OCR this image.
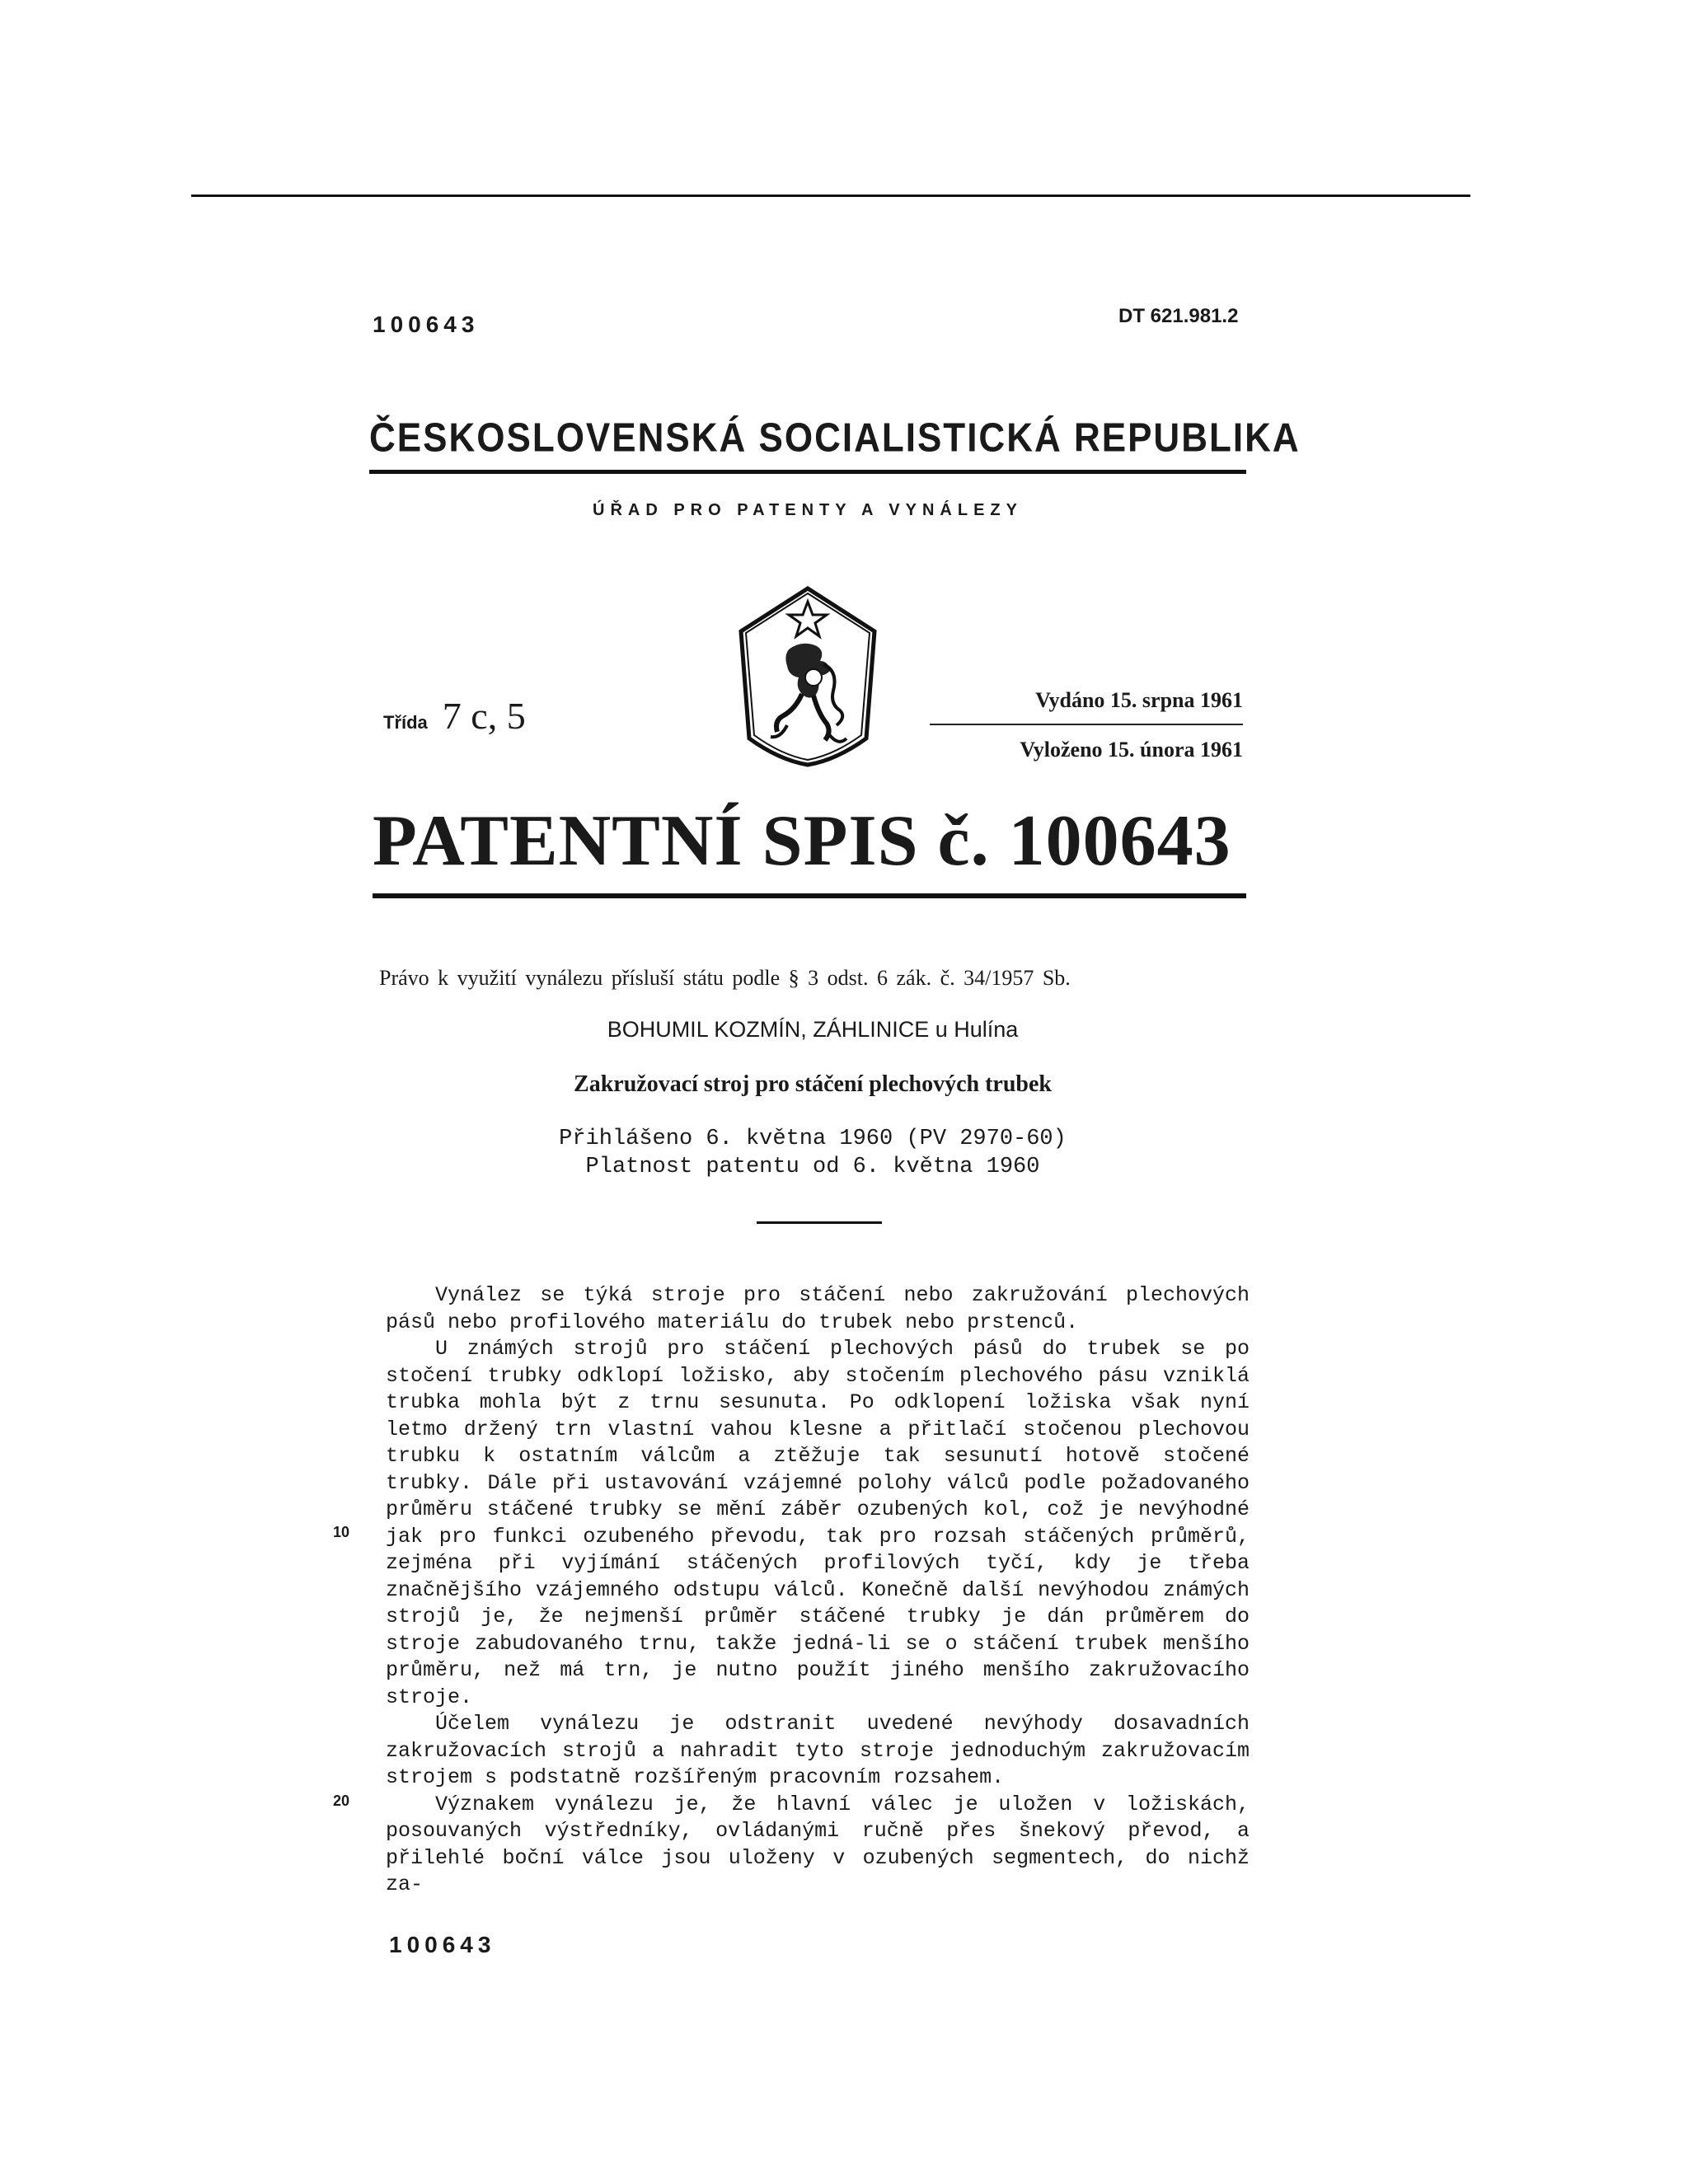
100643	DT 621.981.2
ČESKOSLOVENSKÁ SOCIALISTICKÁ REPUBLIKA
ÚŘAD PRO PATENTY A VYNÁLEZY
Třída 7 c, 5	Vydáno 15. srpna 1961
Vyloženo 15. února 1961
PATENTNÍ SPIS č. 100643
Právo k využití vynálezu přísluší státu podle § 3 odst. 6 zák. č. 34/1957 Sb.
BOHUMIL KOZMÍN, ZÁHLINICE u Hulína
Zakružovací stroj pro stáčení plechových trubek
Přihlášeno 6. května 1960 (PV 2970-60)
Platnost patentu od 6. května 1960
10
20

Vynález se týká stroje pro stáčení nebo zakružování plechových pásů nebo profilového materiálu do trubek nebo prstenců.

U známých strojů pro stáčení plechových pásů do trubek se po stočení trubky odklopí ložisko, aby stočením plechového pásu vzniklá trubka mohla být z trnu sesunuta. Po odklopení ložiska však nyní letmo držený trn vlastní vahou klesne a přitlačí stočenou plechovou trubku k ostatním válcům a ztěžuje tak sesunutí hotově stočené trubky. Dále při ustavování vzájemné polohy válců podle požadovaného průměru stáčené trubky se mění záběr ozubených kol, což je nevýhodné jak pro funkci ozubeného převodu, tak pro rozsah stáčených průměrů, zejména při vyjímání stáčených profilových tyčí, kdy je třeba značnějšího vzájemného odstupu válců. Konečně další nevýhodou známých strojů je, že nejmenší průměr stáčené trubky je dán průměrem do stroje zabudovaného trnu, takže jedná-li se o stáčení trubek menšího průměru, než má trn, je nutno použít jiného menšího zakružovacího stroje.

Účelem vynálezu je odstranit uvedené nevýhody dosavadních zakružovacích strojů a nahradit tyto stroje jednoduchým zakružovacím strojem s podstatně rozšířeným pracovním rozsahem.

Význakem vynálezu je, že hlavní válec je uložen v ložiskách, posouvaných výstředníky, ovládanými ručně přes šnekový převod, a přilehlé boční válce jsou uloženy v ozubených segmentech, do nichž za-

100643
